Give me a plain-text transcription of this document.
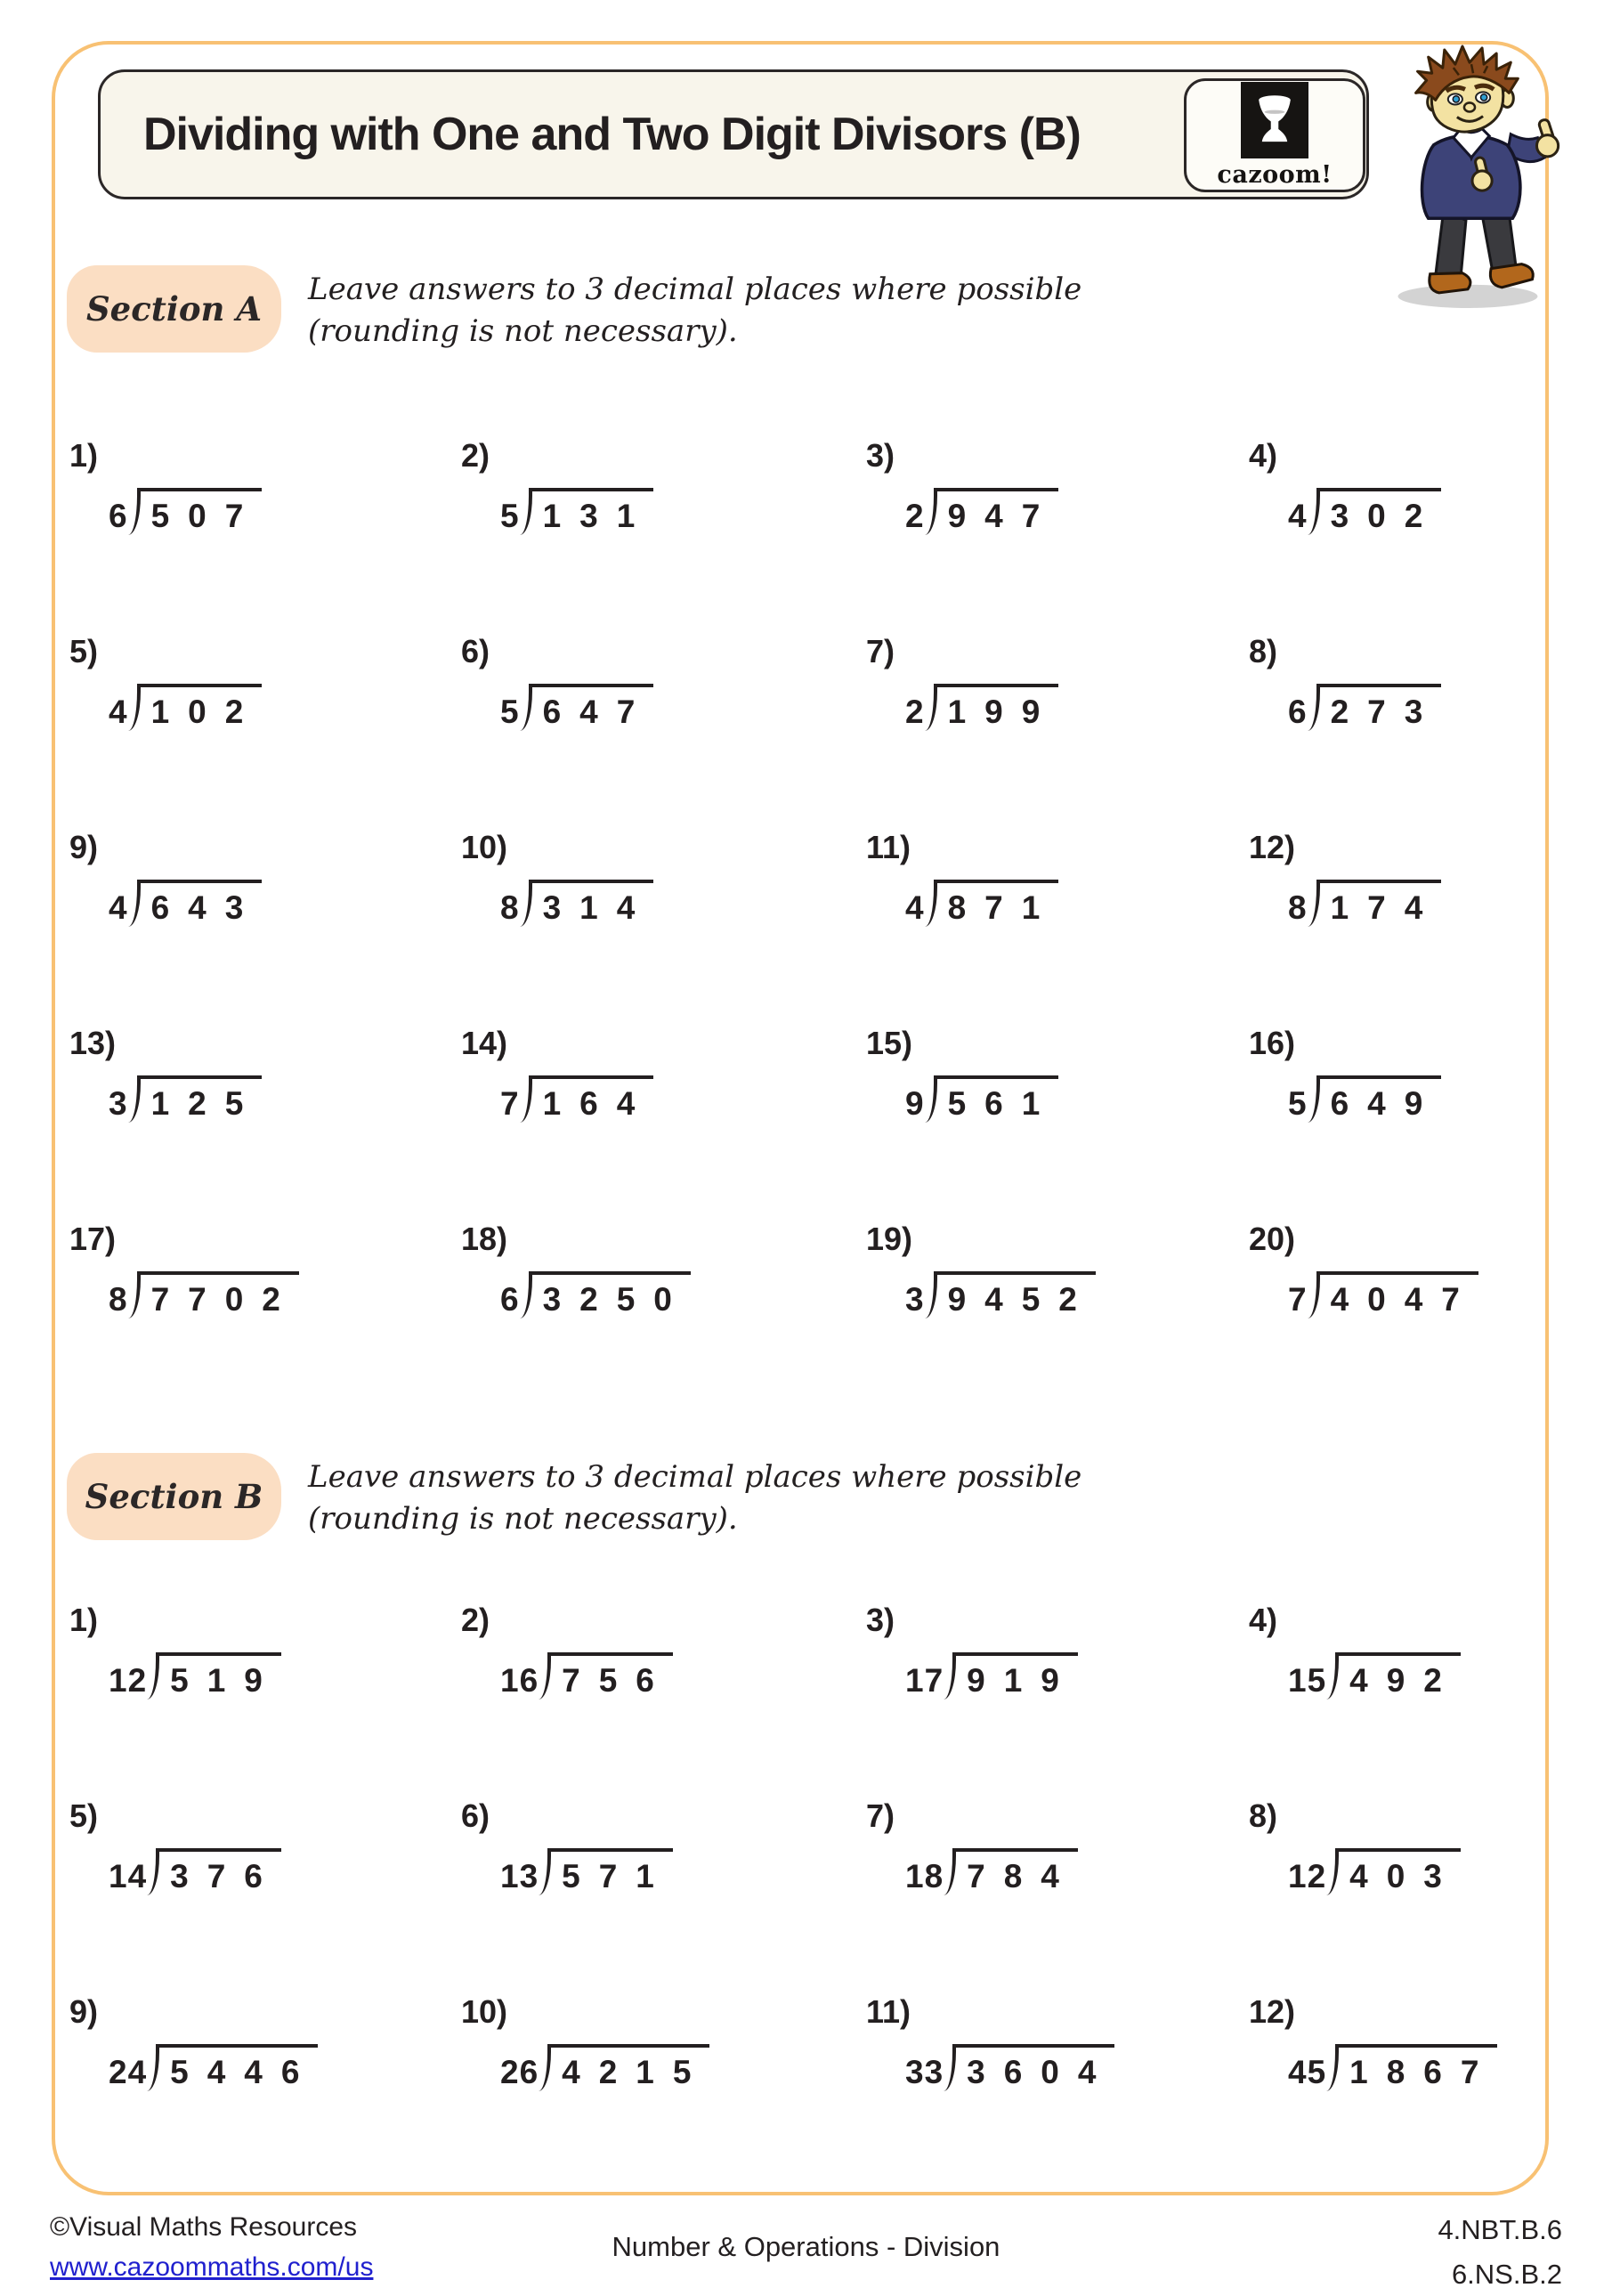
Dividing with One and Two Digit Divisors (B)
cazoom!
Section A	Leave answers to 3 decimal places where possible
(rounding is not necessary).
1)
6 507
2)
5 131
3)
2 947
4)
4 302
5)
4 102
6)
5 647
7)
2 199
8)
6 273
9)
4 643
10)
8 314
11)
4 871
12)
8 174
13)
3 125
14)
7 164
15)
9 561
16)
5 649
17)
8 7702
18)
6 3250
19)
3 9452
20)
7 4047
Section B	Leave answers to 3 decimal places where possible
(rounding is not necessary).
1)
12 519
2)
16 756
3)
17 919
4)
15 492
5)
14 376
6)
13 571
7)
18 784
8)
12 403
9)
24 5446
10)
26 4215
11)
33 3604
12)
45 1867
©Visual Maths Resources
www.cazoommaths.com/us
Number & Operations - Division
4.NBT.B.6
6.NS.B.2
